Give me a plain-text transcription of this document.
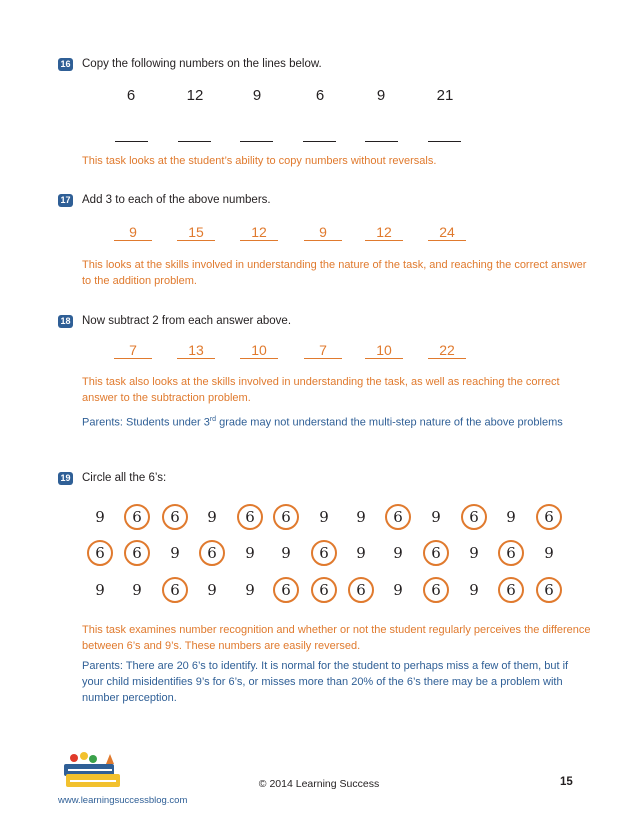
16 Copy the following numbers on the lines below.
6	12	9	6	9	21
This task looks at the student’s ability to copy numbers without reversals.
17 Add 3 to each of the above numbers.
9	15	12	9	12	24
This looks at the skills involved in understanding the nature of the task, and reaching the correct answer to the addition problem.
18 Now subtract 2 from each answer above.
7	13	10	7	10	22
This task also looks at the skills involved in understanding the task, as well as reaching the correct answer to the subtraction problem.
Parents: Students under 3rd grade may not understand the multi-step nature of the above problems
19 Circle all the 6’s:
9	6	6	9	6	6	9	9	6	9	6	9	6
6	6	9	6	9	9	6	9	9	6	9	6	9
9	9	6	9	9	6	6	6	9	6	9	6	6
This task examines number recognition and whether or not the student regularly perceives the difference between 6’s and 9’s. These numbers are easily reversed.
Parents: There are 20 6’s to identify. It is normal for the student to perhaps miss a few of them, but if your child misidentifies 9’s for 6’s, or misses more than 20% of the 6’s there may be a problem with number perception.
© 2014 Learning Success	15
www.learningsuccessblog.com
